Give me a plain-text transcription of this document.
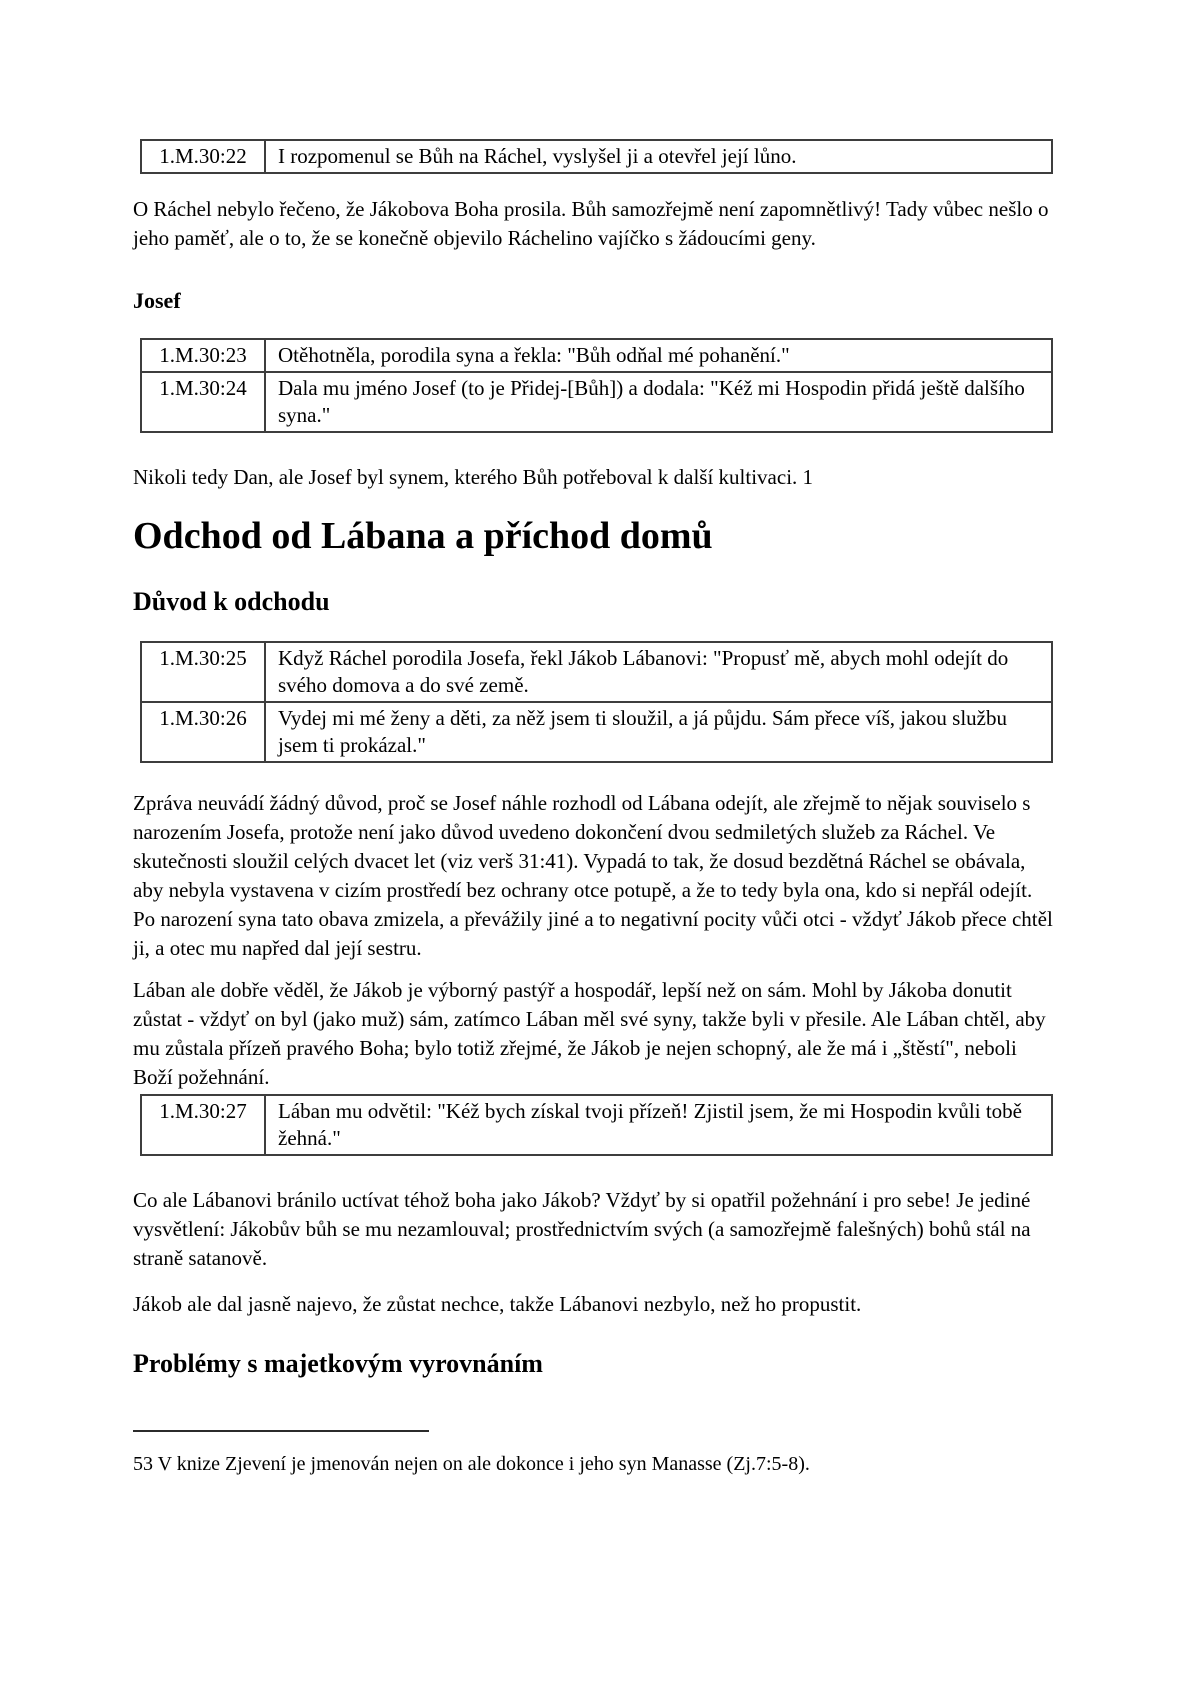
1.M.30:22	I rozpomenul se Bůh na Ráchel, vyslyšel ji a otevřel její lůno.

O Ráchel nebylo řečeno, že Jákobova Boha prosila. Bůh samozřejmě není zapomnětlivý! Tady vůbec nešlo o jeho paměť, ale o to, že se konečně objevilo Ráchelino vajíčko s žádoucími geny.

Josef
1.M.30:23	Otěhotněla, porodila syna a řekla: "Bůh odňal mé pohanění."
1.M.30:24	Dala mu jméno Josef (to je Přidej-[Bůh]) a dodala: "Kéž mi Hospodin přidá ještě dalšího syna."

Nikoli tedy Dan, ale Josef byl synem, kterého Bůh potřeboval k další kultivaci. 1

Odchod od Lábana a příchod domů
Důvod k odchodu
1.M.30:25	Když Ráchel porodila Josefa, řekl Jákob Lábanovi: "Propusť mě, abych mohl odejít do svého domova a do své země.
1.M.30:26	Vydej mi mé ženy a děti, za něž jsem ti sloužil, a já půjdu. Sám přece víš, jakou službu jsem ti prokázal."

Zpráva neuvádí žádný důvod, proč se Josef náhle rozhodl od Lábana odejít, ale zřejmě to nějak souviselo s narozením Josefa, protože není jako důvod uvedeno dokončení dvou sedmiletých služeb za Ráchel. Ve skutečnosti sloužil celých dvacet let (viz verš 31:41). Vypadá to tak, že dosud bezdětná Ráchel se obávala, aby nebyla vystavena v cizím prostředí bez ochrany otce potupě, a že to tedy byla ona, kdo si nepřál odejít. Po narození syna tato obava zmizela, a převážily jiné a to negativní pocity vůči otci - vždyť Jákob přece chtěl ji, a otec mu napřed dal její sestru.

Lában ale dobře věděl, že Jákob je výborný pastýř a hospodář, lepší než on sám. Mohl by Jákoba donutit zůstat - vždyť on byl (jako muž) sám, zatímco Lában měl své syny, takže byli v přesile. Ale Lában chtěl, aby mu zůstala přízeň pravého Boha; bylo totiž zřejmé, že Jákob je nejen schopný, ale že má i „štěstí", neboli Boží požehnání.

1.M.30:27	Lában mu odvětil: "Kéž bych získal tvoji přízeň! Zjistil jsem, že mi Hospodin kvůli tobě žehná."

Co ale Lábanovi bránilo uctívat téhož boha jako Jákob? Vždyť by si opatřil požehnání i pro sebe! Je jediné vysvětlení: Jákobův bůh se mu nezamlouval; prostřednictvím svých (a samozřejmě falešných) bohů stál na straně satanově.

Jákob ale dal jasně najevo, že zůstat nechce, takže Lábanovi nezbylo, než ho propustit.

Problémy s majetkovým vyrovnáním

53 V knize Zjevení je jmenován nejen on ale dokonce i jeho syn Manasse (Zj.7:5-8).
